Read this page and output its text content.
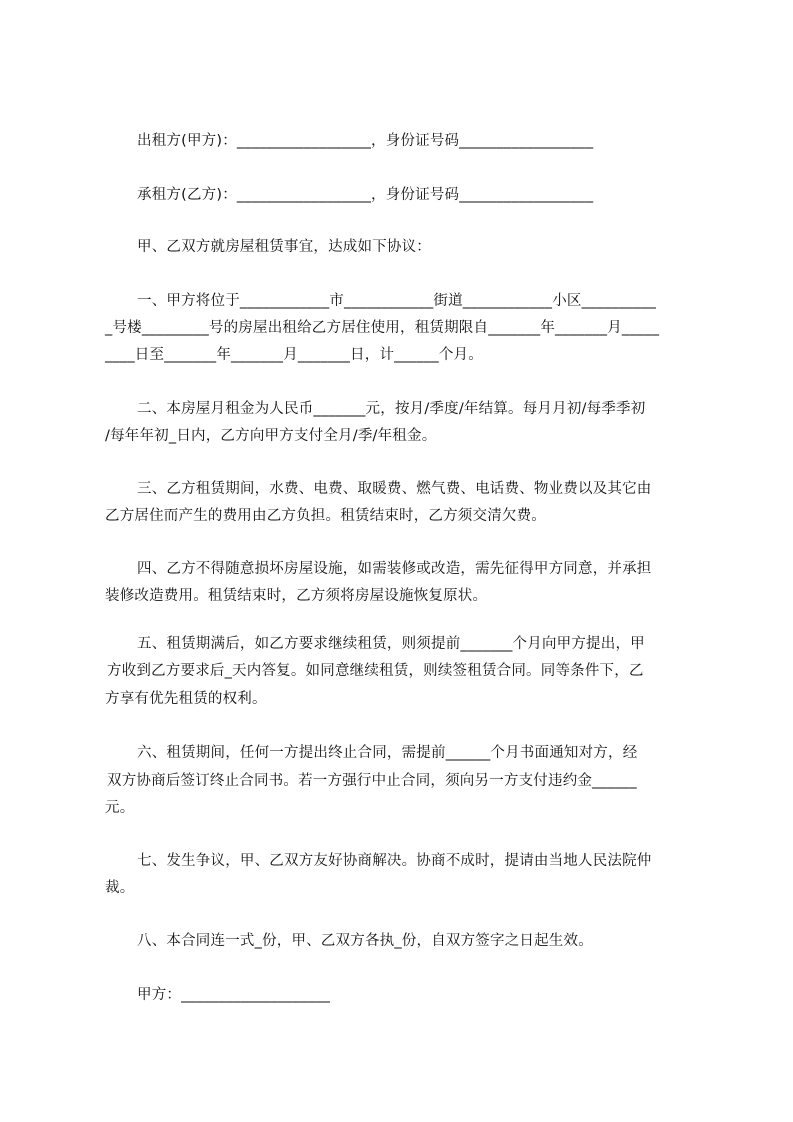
出租方(甲方)：__________________，身份证号码__________________
承租方(乙方)：__________________，身份证号码__________________
甲、乙双方就房屋租赁事宜，达成如下协议：
一、甲方将位于____________市____________街道____________小区__________
_号楼_________号的房屋出租给乙方居住使用，租赁期限自_______年_______月_____
____日至_______年_______月_______日，计______个月。
二、本房屋月租金为人民币_______元，按月/季度/年结算。每月月初/每季季初
/每年年初_日内，乙方向甲方支付全月/季/年租金。
三、乙方租赁期间，水费、电费、取暖费、燃气费、电话费、物业费以及其它由
乙方居住而产生的费用由乙方负担。租赁结束时，乙方须交清欠费。
四、乙方不得随意损坏房屋设施，如需装修或改造，需先征得甲方同意，并承担
装修改造费用。租赁结束时，乙方须将房屋设施恢复原状。
五、租赁期满后，如乙方要求继续租赁，则须提前_______个月向甲方提出，甲
方收到乙方要求后_天内答复。如同意继续租赁，则续签租赁合同。同等条件下，乙
方享有优先租赁的权利。
六、租赁期间，任何一方提出终止合同，需提前______个月书面通知对方，经
双方协商后签订终止合同书。若一方强行中止合同，须向另一方支付违约金______
元。
七、发生争议，甲、乙双方友好协商解决。协商不成时，提请由当地人民法院仲
裁。
八、本合同连一式_份，甲、乙双方各执_份，自双方签字之日起生效。
甲方：____________________
